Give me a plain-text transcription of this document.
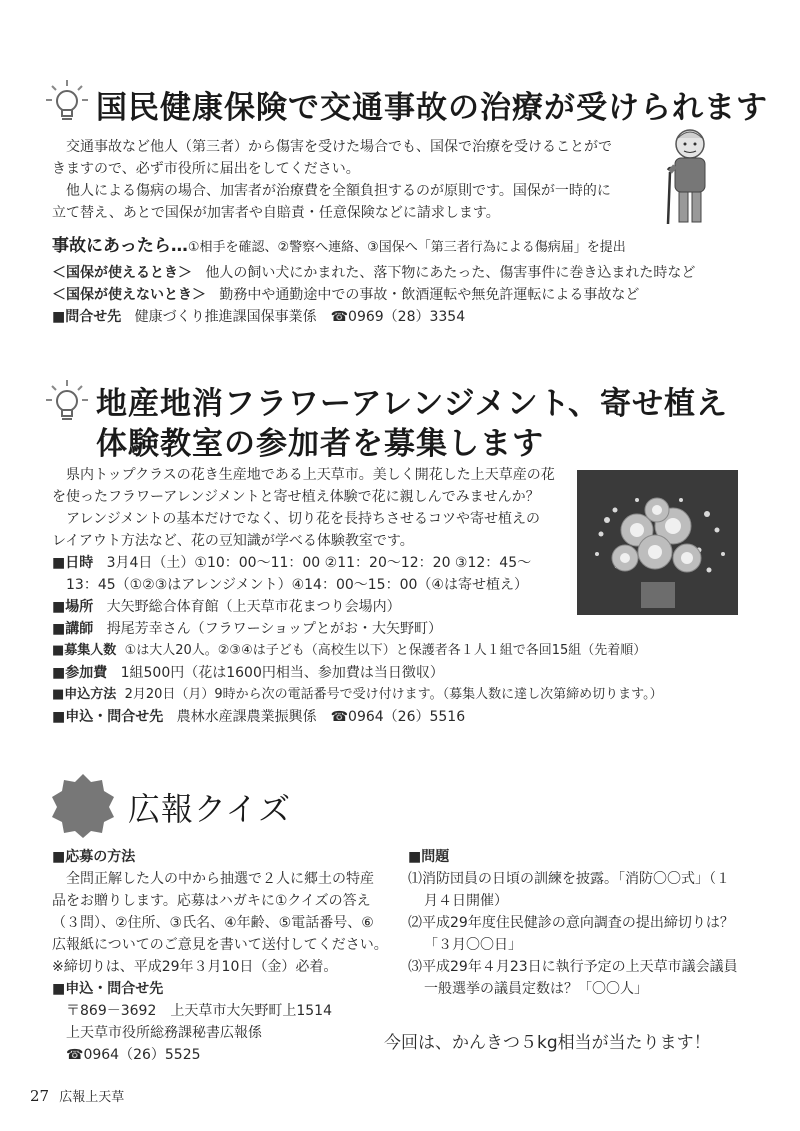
国民健康保険で交通事故の治療が受けられます
交通事故など他人（第三者）から傷害を受けた場合でも、国保で治療を受けることがで
きますので、必ず市役所に届出をしてください。
他人による傷病の場合、加害者が治療費を全額負担するのが原則です。国保が一時的に
立て替え、あとで国保が加害者や自賠責・任意保険などに請求します。
事故にあったら…①相手を確認、②警察へ連絡、③国保へ「第三者行為による傷病届」を提出
＜国保が使えるとき＞ 他人の飼い犬にかまれた、落下物にあたった、傷害事件に巻き込まれた時など
＜国保が使えないとき＞ 勤務中や通勤途中での事故・飲酒運転や無免許運転による事故など
■問合せ先 健康づくり推進課国保事業係　☎0969（28）3354
地産地消フラワーアレンジメント、寄せ植え
体験教室の参加者を募集します
県内トップクラスの花き生産地である上天草市。美しく開花した上天草産の花
を使ったフラワーアレンジメントと寄せ植え体験で花に親しんでみませんか？
アレンジメントの基本だけでなく、切り花を長持ちさせるコツや寄せ植えの
レイアウト方法など、花の豆知識が学べる体験教室です。
■日時 3月4日（土）①10：00～11：00 ②11：20～12：20 ③12：45～
13：45（①②③はアレンジメント）④14：00～15：00（④は寄せ植え）
■場所 大矢野総合体育館（上天草市花まつり会場内）
■講師 拇尾芳幸さん（フラワーショップとがお・大矢野町）
■募集人数 ①は大人20人。②③④は子ども（高校生以下）と保護者各１人１組で各回15組（先着順）
■参加費 1組500円（花は1600円相当、参加費は当日徴収）
■申込方法 2月20日（月）9時から次の電話番号で受け付けます。（募集人数に達し次第締め切ります。）
■申込・問合せ先 農林水産課農業振興係　☎0964（26）5516
広報クイズ
■応募の方法
全問正解した人の中から抽選で２人に郷土の特産
品をお贈りします。応募はハガキに①クイズの答え
（３問）、②住所、③氏名、④年齢、⑤電話番号、⑥
広報紙についてのご意見を書いて送付してください。
※締切りは、平成29年３月10日（金）必着。
■申込・問合せ先
〒869－3692　上天草市大矢野町上1514
上天草市役所総務課秘書広報係
☎0964（26）5525
■問題
⑴消防団員の日頃の訓練を披露。「消防〇〇式」（１
月４日開催）
⑵平成29年度住民健診の意向調査の提出締切りは？
「３月〇〇日」
⑶平成29年４月23日に執行予定の上天草市議会議員
一般選挙の議員定数は？「〇〇人」
今回は、かんきつ５kg相当が当たります！
27 広報上天草
